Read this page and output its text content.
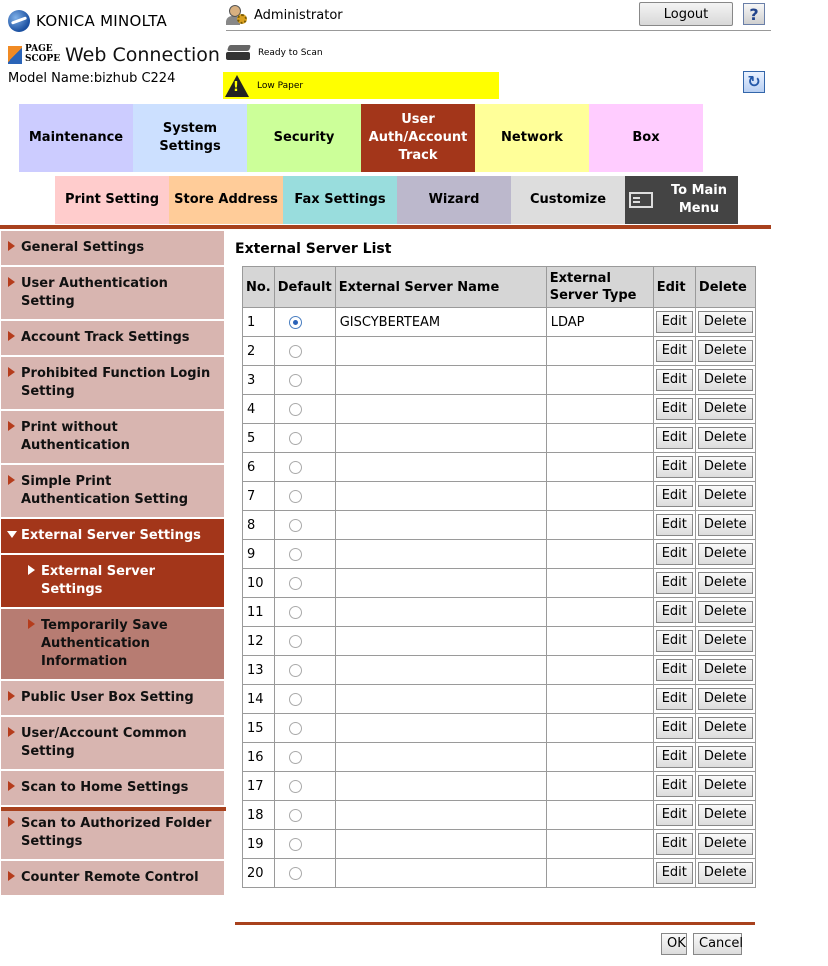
KONICA MINOLTA
PAGE SCOPE Web Connection
Model Name:bizhub C224
Administrator	Logout	?
Ready to Scan
!
Low Paper	↻
Maintenance
System Settings
Security
User Auth/Account Track
Network	Box
Print Setting	Store Address	Fax Settings	Wizard	Customize
To Main Menu
General Settings
User Authentication Setting
Account Track Settings
Prohibited Function Login Setting
Print without Authentication
Simple Print Authentication Setting
External Server Settings
External Server Settings
Temporarily Save Authentication Information
Public User Box Setting
User/Account Common Setting
Scan to Home Settings
Scan to Authorized Folder Settings
Counter Remote Control
External Server List
No.	Default	External Server Name	External Server Type	Edit	Delete
1		GISCYBERTEAM	LDAP	Edit	Delete
2				Edit	Delete
3				Edit	Delete
4				Edit	Delete
5				Edit	Delete
6				Edit	Delete
7				Edit	Delete
8				Edit	Delete
9				Edit	Delete
10				Edit	Delete
11				Edit	Delete
12				Edit	Delete
13				Edit	Delete
14				Edit	Delete
15				Edit	Delete
16				Edit	Delete
17				Edit	Delete
18				Edit	Delete
19				Edit	Delete
20				Edit	Delete
OK	Cancel
